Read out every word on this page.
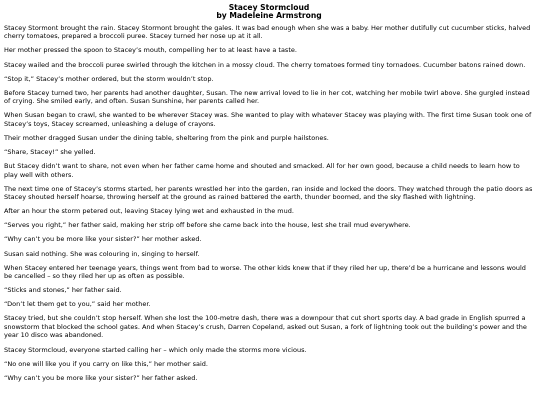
Stacey Stormcloud
by Madeleine Armstrong

Stacey Stormont brought the rain. Stacey Stormont brought the gales. It was bad enough when she was a baby. Her mother dutifully cut cucumber sticks, halved cherry tomatoes, prepared a broccoli puree. Stacey turned her nose up at it all.

Her mother pressed the spoon to Stacey’s mouth, compelling her to at least have a taste.

Stacey wailed and the broccoli puree swirled through the kitchen in a mossy cloud. The cherry tomatoes formed tiny tornadoes. Cucumber batons rained down.

“Stop it,” Stacey’s mother ordered, but the storm wouldn’t stop.

Before Stacey turned two, her parents had another daughter, Susan. The new arrival loved to lie in her cot, watching her mobile twirl above. She gurgled instead of crying. She smiled early, and often. Susan Sunshine, her parents called her.

When Susan began to crawl, she wanted to be wherever Stacey was. She wanted to play with whatever Stacey was playing with. The first time Susan took one of Stacey’s toys, Stacey screamed, unleashing a deluge of crayons.

Their mother dragged Susan under the dining table, sheltering from the pink and purple hailstones.

“Share, Stacey!” she yelled.

But Stacey didn’t want to share, not even when her father came home and shouted and smacked. All for her own good, because a child needs to learn how to play well with others.

The next time one of Stacey’s storms started, her parents wrestled her into the garden, ran inside and locked the doors. They watched through the patio doors as Stacey shouted herself hoarse, throwing herself at the ground as rained battered the earth, thunder boomed, and the sky flashed with lightning.

After an hour the storm petered out, leaving Stacey lying wet and exhausted in the mud.

“Serves you right,” her father said, making her strip off before she came back into the house, lest she trail mud everywhere.

“Why can’t you be more like your sister?” her mother asked.

Susan said nothing. She was colouring in, singing to herself.

When Stacey entered her teenage years, things went from bad to worse. The other kids knew that if they riled her up, there’d be a hurricane and lessons would be cancelled – so they riled her up as often as possible.

“Sticks and stones,” her father said.

“Don’t let them get to you,” said her mother.

Stacey tried, but she couldn’t stop herself. When she lost the 100-metre dash, there was a downpour that cut short sports day. A bad grade in English spurred a snowstorm that blocked the school gates. And when Stacey’s crush, Darren Copeland, asked out Susan, a fork of lightning took out the building’s power and the year 10 disco was abandoned.

Stacey Stormcloud, everyone started calling her – which only made the storms more vicious.

“No one will like you if you carry on like this,” her mother said.

“Why can’t you be more like your sister?” her father asked.
